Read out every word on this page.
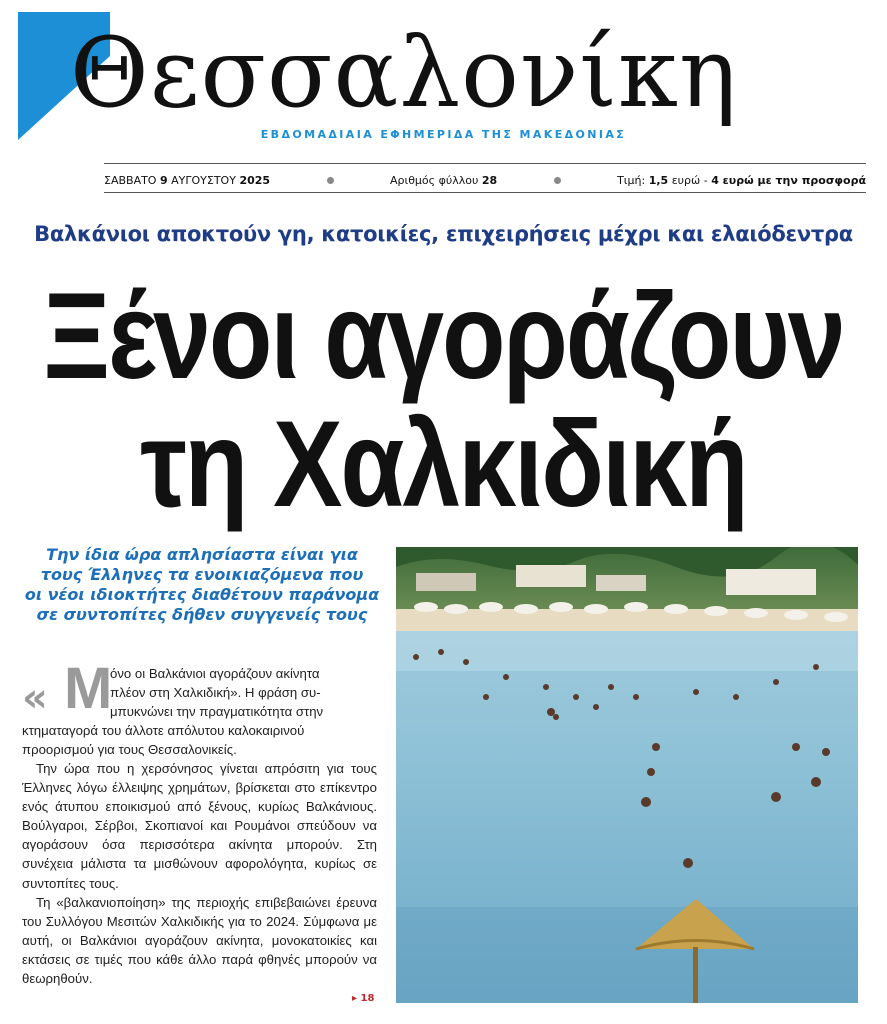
Θεσσαλονίκη
ΕΒΔΟΜΑΔΙΑΙΑ ΕΦΗΜΕΡΙΔΑ ΤΗΣ ΜΑΚΕΔΟΝΙΑΣ
ΣΑΒΒΑΤΟ 9 ΑΥΓΟΥΣΤΟΥ 2025	Αριθμός φύλλου 28	Τιμή: 1,5 ευρώ - 4 ευρώ με την προσφορά
Βαλκάνιοι αποκτούν γη, κατοικίες, επιχειρήσεις μέχρι και ελαιόδεντρα
Ξένοι αγοράζουν
τη Χαλκιδική
Την ίδια ώρα απλησίαστα είναι για
τους Έλληνες τα ενοικιαζόμενα που
οι νέοι ιδιοκτήτες διαθέτουν παράνομα
σε συντοπίτες δήθεν συγγενείς τους
« Μ
όνο οι Βαλκάνιοι αγοράζουν ακίνητα
πλέον στη Χαλκιδική». Η φράση συ-
μπυκνώνει την πραγματικότητα στην
κτηματαγορά του άλλοτε απόλυτου καλοκαιρινού
προορισμού για τους Θεσσαλονικείς.

Την ώρα που η χερσόνησος γίνεται απρόσιτη για τους Έλληνες λόγω έλλειψης χρημάτων, βρίσκεται στο επίκεντρο ενός άτυπου εποικισμού από ξένους, κυρίως Βαλκάνιους. Βούλγαροι, Σέρβοι, Σκοπιανοί και Ρουμάνοι σπεύδουν να αγοράσουν όσα περισσότερα ακίνητα μπορούν. Στη συνέχεια μάλιστα τα μισθώνουν αφορολόγητα, κυρίως σε συντοπίτες τους.

Τη «βαλκανιοποίηση» της περιοχής επιβεβαιώνει έρευνα του Συλλόγου Μεσιτών Χαλκιδικής για το 2024. Σύμφωνα με αυτή, οι Βαλκάνιοι αγοράζουν ακίνητα, μονοκατοικίες και εκτάσεις σε τιμές που κάθε άλλο παρά φθηνές μπορούν να θεωρηθούν.

▸ 18
